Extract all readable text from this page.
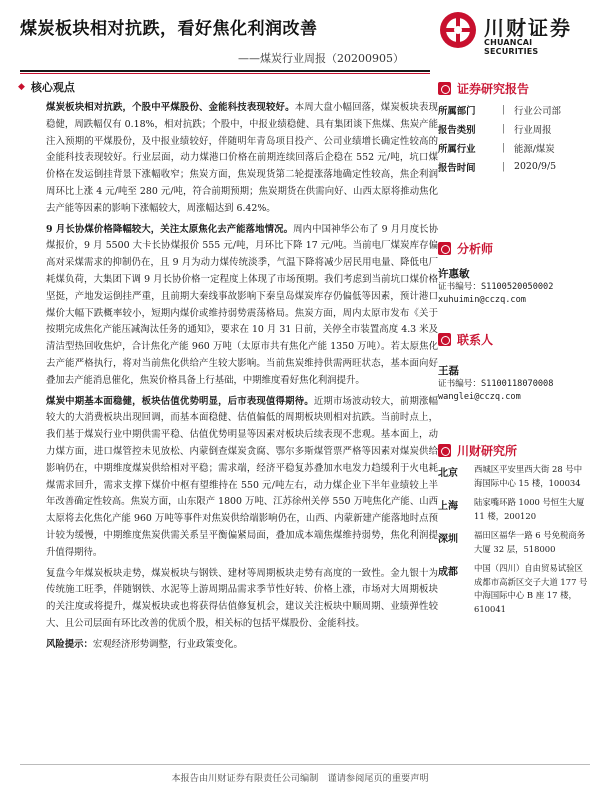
煤炭板块相对抗跌，看好焦化利润改善
——煤炭行业周报（20200905）
川财证券
CHUANCAI SECURITIES
◆ 核心观点

煤炭板块相对抗跌，个股中平煤股份、金能科技表现较好。本周大盘小幅回落，煤炭板块表现稳健，周跌幅仅有 0.18%，相对抗跌；个股中，中报业绩稳健、具有集团谈下焦煤、焦炭产能注入预期的平煤股份，及中报业绩较好，伴随明年青岛项目投产、公司业绩增长确定性较高的金能科技表现较好。行业层面，动力煤港口价格在前期连续回落后企稳在 552 元/吨，坑口煤价格在发运倒挂背景下涨幅收窄；焦炭方面，焦炭现货第二轮提涨落地确定性较高，焦企利润周环比上涨 4 元/吨至 280 元/吨，符合前期预期；焦炭期货在供需向好、山西太原将推动焦化去产能等因素的影响下涨幅较大，周涨幅达到 6.42%。

9 月长协煤价格降幅较大，关注太原焦化去产能落地情况。周内中国神华公布了 9 月月度长协煤报价，9 月 5500 大卡长协煤报价 555 元/吨，月环比下降 17 元/吨。当前电厂煤炭库存偏高对采煤需求的抑制仍在，且 9 月为动力煤传统淡季，气温下降将减少居民用电量、降低电厂耗煤负荷，大集团下调 9 月长协价格一定程度上体现了市场预期。我们考虑到当前坑口煤价格坚挺，产地发运倒挂严重，且前期大秦线事故影响下秦皇岛煤炭库存仍偏低等因素，预计港口煤价大幅下跌概率较小，短期内煤价或维持弱势震荡格局。焦炭方面，周内太原市发布《关于按期完成焦化产能压减淘汰任务的通知》，要求在 10 月 31 日前，关停全市装置高度 4.3 米及清洁型热回收焦炉，合计焦化产能 960 万吨（太原市共有焦化产能 1350 万吨）。若太原焦化去产能严格执行，将对当前焦化供给产生较大影响。当前焦炭维持供需两旺状态，基本面向好叠加去产能消息催化，焦炭价格具备上行基础，中期维度看好焦化利润提升。

煤炭中期基本面稳健，板块估值优势明显，后市表现值得期待。近期市场波动较大，前期涨幅较大的大消费板块出现回调，而基本面稳健、估值偏低的周期板块则相对抗跌。当前时点上，我们基于煤炭行业中期供需平稳、估值优势明显等因素对板块后续表现不悲观。基本面上，动力煤方面，进口煤管控未见放松、内蒙倒查煤炭贪腐、鄂尔多斯煤管票严格等因素对煤炭供给影响仍在，中期维度煤炭供给相对平稳；需求端，经济平稳复苏叠加水电发力趋缓利于火电耗煤需求回升，需求支撑下煤价中枢有望维持在 550 元/吨左右，动力煤企业下半年业绩较上半年改善确定性较高。焦炭方面，山东限产 1800 万吨、江苏徐州关停 550 万吨焦化产能、山西太原将去化焦化产能 960 万吨等事件对焦炭供给端影响仍在，山西、内蒙新建产能落地时点预计较为缓慢，中期维度焦炭供需关系呈平衡偏紧局面，叠加成本端焦煤维持弱势，焦化利润提升值得期待。

复盘今年煤炭板块走势，煤炭板块与钢铁、建材等周期板块走势有高度的一致性。金九银十为传统施工旺季，伴随钢铁、水泥等上游周期品需求季节性好转、价格上涨，市场对大周期板块的关注度或将提升，煤炭板块或也将获得估值修复机会，建议关注板块中顺周期、业绩弹性较大、且公司层面有环比改善的优质个股，相关标的包括平煤股份、金能科技。

风险提示：宏观经济形势调整，行业政策变化。

证券研究报告
所属部门	| 行业公司部
报告类别	| 行业周报
所属行业	| 能源/煤炭
报告时间	| 2020/9/5
分析师
许惠敏
证书编号：S1100520050002
xuhuimin@cczq.com
联系人
王磊
证书编号：S1100118070008
wanglei@cczq.com
川财研究所
北京	西城区平安里西大街 28 号中海国际中心 15 楼，100034
上海	陆家嘴环路 1000 号恒生大厦 11 楼，200120
深圳	福田区福华一路 6 号免税商务大厦 32 层，518000
成都	中国（四川）自由贸易试验区成都市高新区交子大道 177 号中海国际中心 B 座 17 楼，610041
本报告由川财证券有限责任公司编制　谨请参阅尾页的重要声明
